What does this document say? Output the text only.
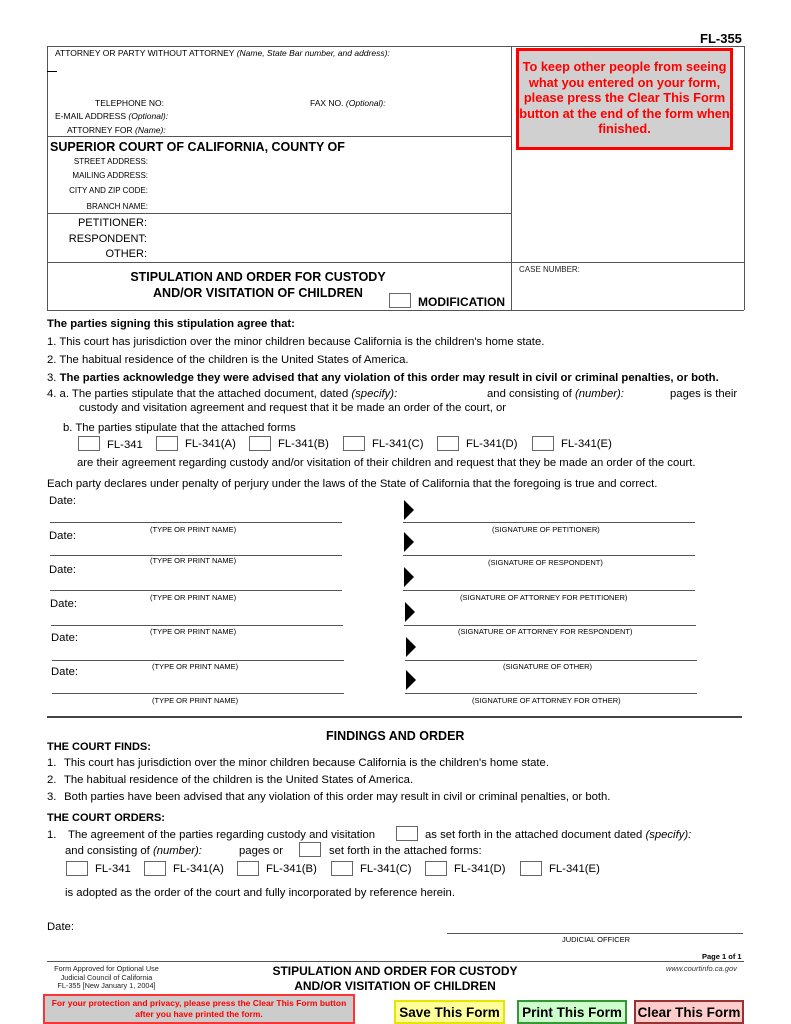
FL-355
ATTORNEY OR PARTY WITHOUT ATTORNEY (Name, State Bar number, and address):
TELEPHONE NO:	FAX NO. (Optional):
E-MAIL ADDRESS (Optional):
ATTORNEY FOR (Name):
SUPERIOR COURT OF CALIFORNIA, COUNTY OF
STREET ADDRESS:
MAILING ADDRESS:
CITY AND ZIP CODE:
BRANCH NAME:
PETITIONER:
RESPONDENT:
OTHER:
STIPULATION AND ORDER FOR CUSTODY
AND/OR VISITATION OF CHILDREN
MODIFICATION
CASE NUMBER:
To keep other people from seeing what you entered on your form, please press the Clear This Form button at the end of the form when finished.
The parties signing this stipulation agree that:
1. This court has jurisdiction over the minor children because California is the children's home state.
2. The habitual residence of the children is the United States of America.
3. The parties acknowledge they were advised that any violation of this order may result in civil or criminal penalties, or both.
4. a. The parties stipulate that the attached document, dated (specify):	and consisting of (number):	pages is their
custody and visitation agreement and request that it be made an order of the court, or
b. The parties stipulate that the attached forms
FL-341	FL-341(A)	FL-341(B)	FL-341(C)	FL-341(D)	FL-341(E)
are their agreement regarding custody and/or visitation of their children and request that they be made an order of the court.
Each party declares under penalty of perjury under the laws of the State of California that the foregoing is true and correct.
Date:
(TYPE OR PRINT NAME)	(SIGNATURE OF PETITIONER)
Date:
(TYPE OR PRINT NAME)	(SIGNATURE OF RESPONDENT)
Date:
(TYPE OR PRINT NAME)	(SIGNATURE OF ATTORNEY FOR PETITIONER)
Date:
(TYPE OR PRINT NAME)	(SIGNATURE OF ATTORNEY FOR RESPONDENT)
Date:
(TYPE OR PRINT NAME)	(SIGNATURE OF OTHER)
Date:
(TYPE OR PRINT NAME)	(SIGNATURE OF ATTORNEY FOR OTHER)
FINDINGS AND ORDER
THE COURT FINDS:
1. This court has jurisdiction over the minor children because California is the children's home state.
2. The habitual residence of the children is the United States of America.
3. Both parties have been advised that any violation of this order may result in civil or criminal penalties, or both.
THE COURT ORDERS:
1. The agreement of the parties regarding custody and visitation	as set forth in the attached document dated (specify):
and consisting of (number):	pages or	set forth in the attached forms:
FL-341	FL-341(A)	FL-341(B)	FL-341(C)	FL-341(D)	FL-341(E)
is adopted as the order of the court and fully incorporated by reference herein.
Date:
JUDICIAL OFFICER
Page 1 of 1
Form Approved for Optional Use
Judicial Council of California
FL-355 [New January 1, 2004]
STIPULATION AND ORDER FOR CUSTODY
AND/OR VISITATION OF CHILDREN
www.courtinfo.ca.gov
For your protection and privacy, please press the Clear This Form button after you have printed the form.	Save This Form	Print This Form	Clear This Form
